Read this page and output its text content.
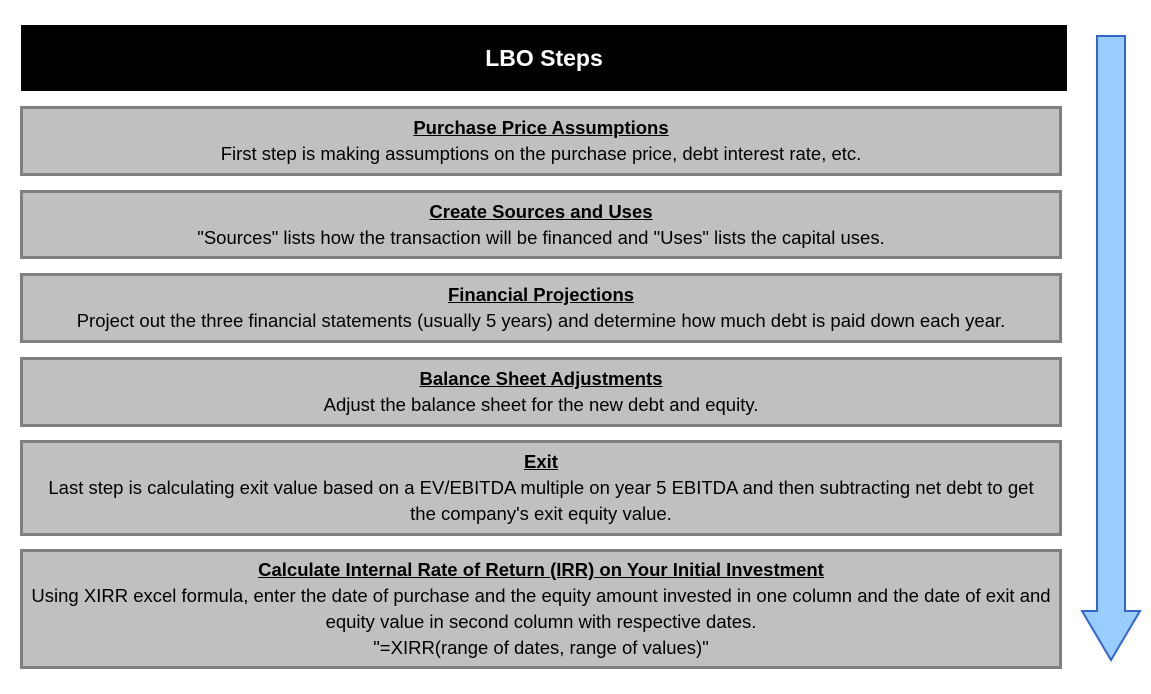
LBO Steps
Purchase Price Assumptions
First step is making assumptions on the purchase price, debt interest rate, etc.
Create Sources and Uses
"Sources" lists how the transaction will be financed and "Uses" lists the capital uses.
Financial Projections
Project out the three financial statements (usually 5 years) and determine how much debt is paid down each year.
Balance Sheet Adjustments
Adjust the balance sheet for the new debt and equity.
Exit
Last step is calculating exit value based on a EV/EBITDA multiple on year 5 EBITDA and then subtracting net debt to get the company's exit equity value.
Calculate Internal Rate of Return (IRR) on Your Initial Investment
Using XIRR excel formula, enter the date of purchase and the equity amount invested in one column and the date of exit and equity value in second column with respective dates.
"=XIRR(range of dates, range of values)"
